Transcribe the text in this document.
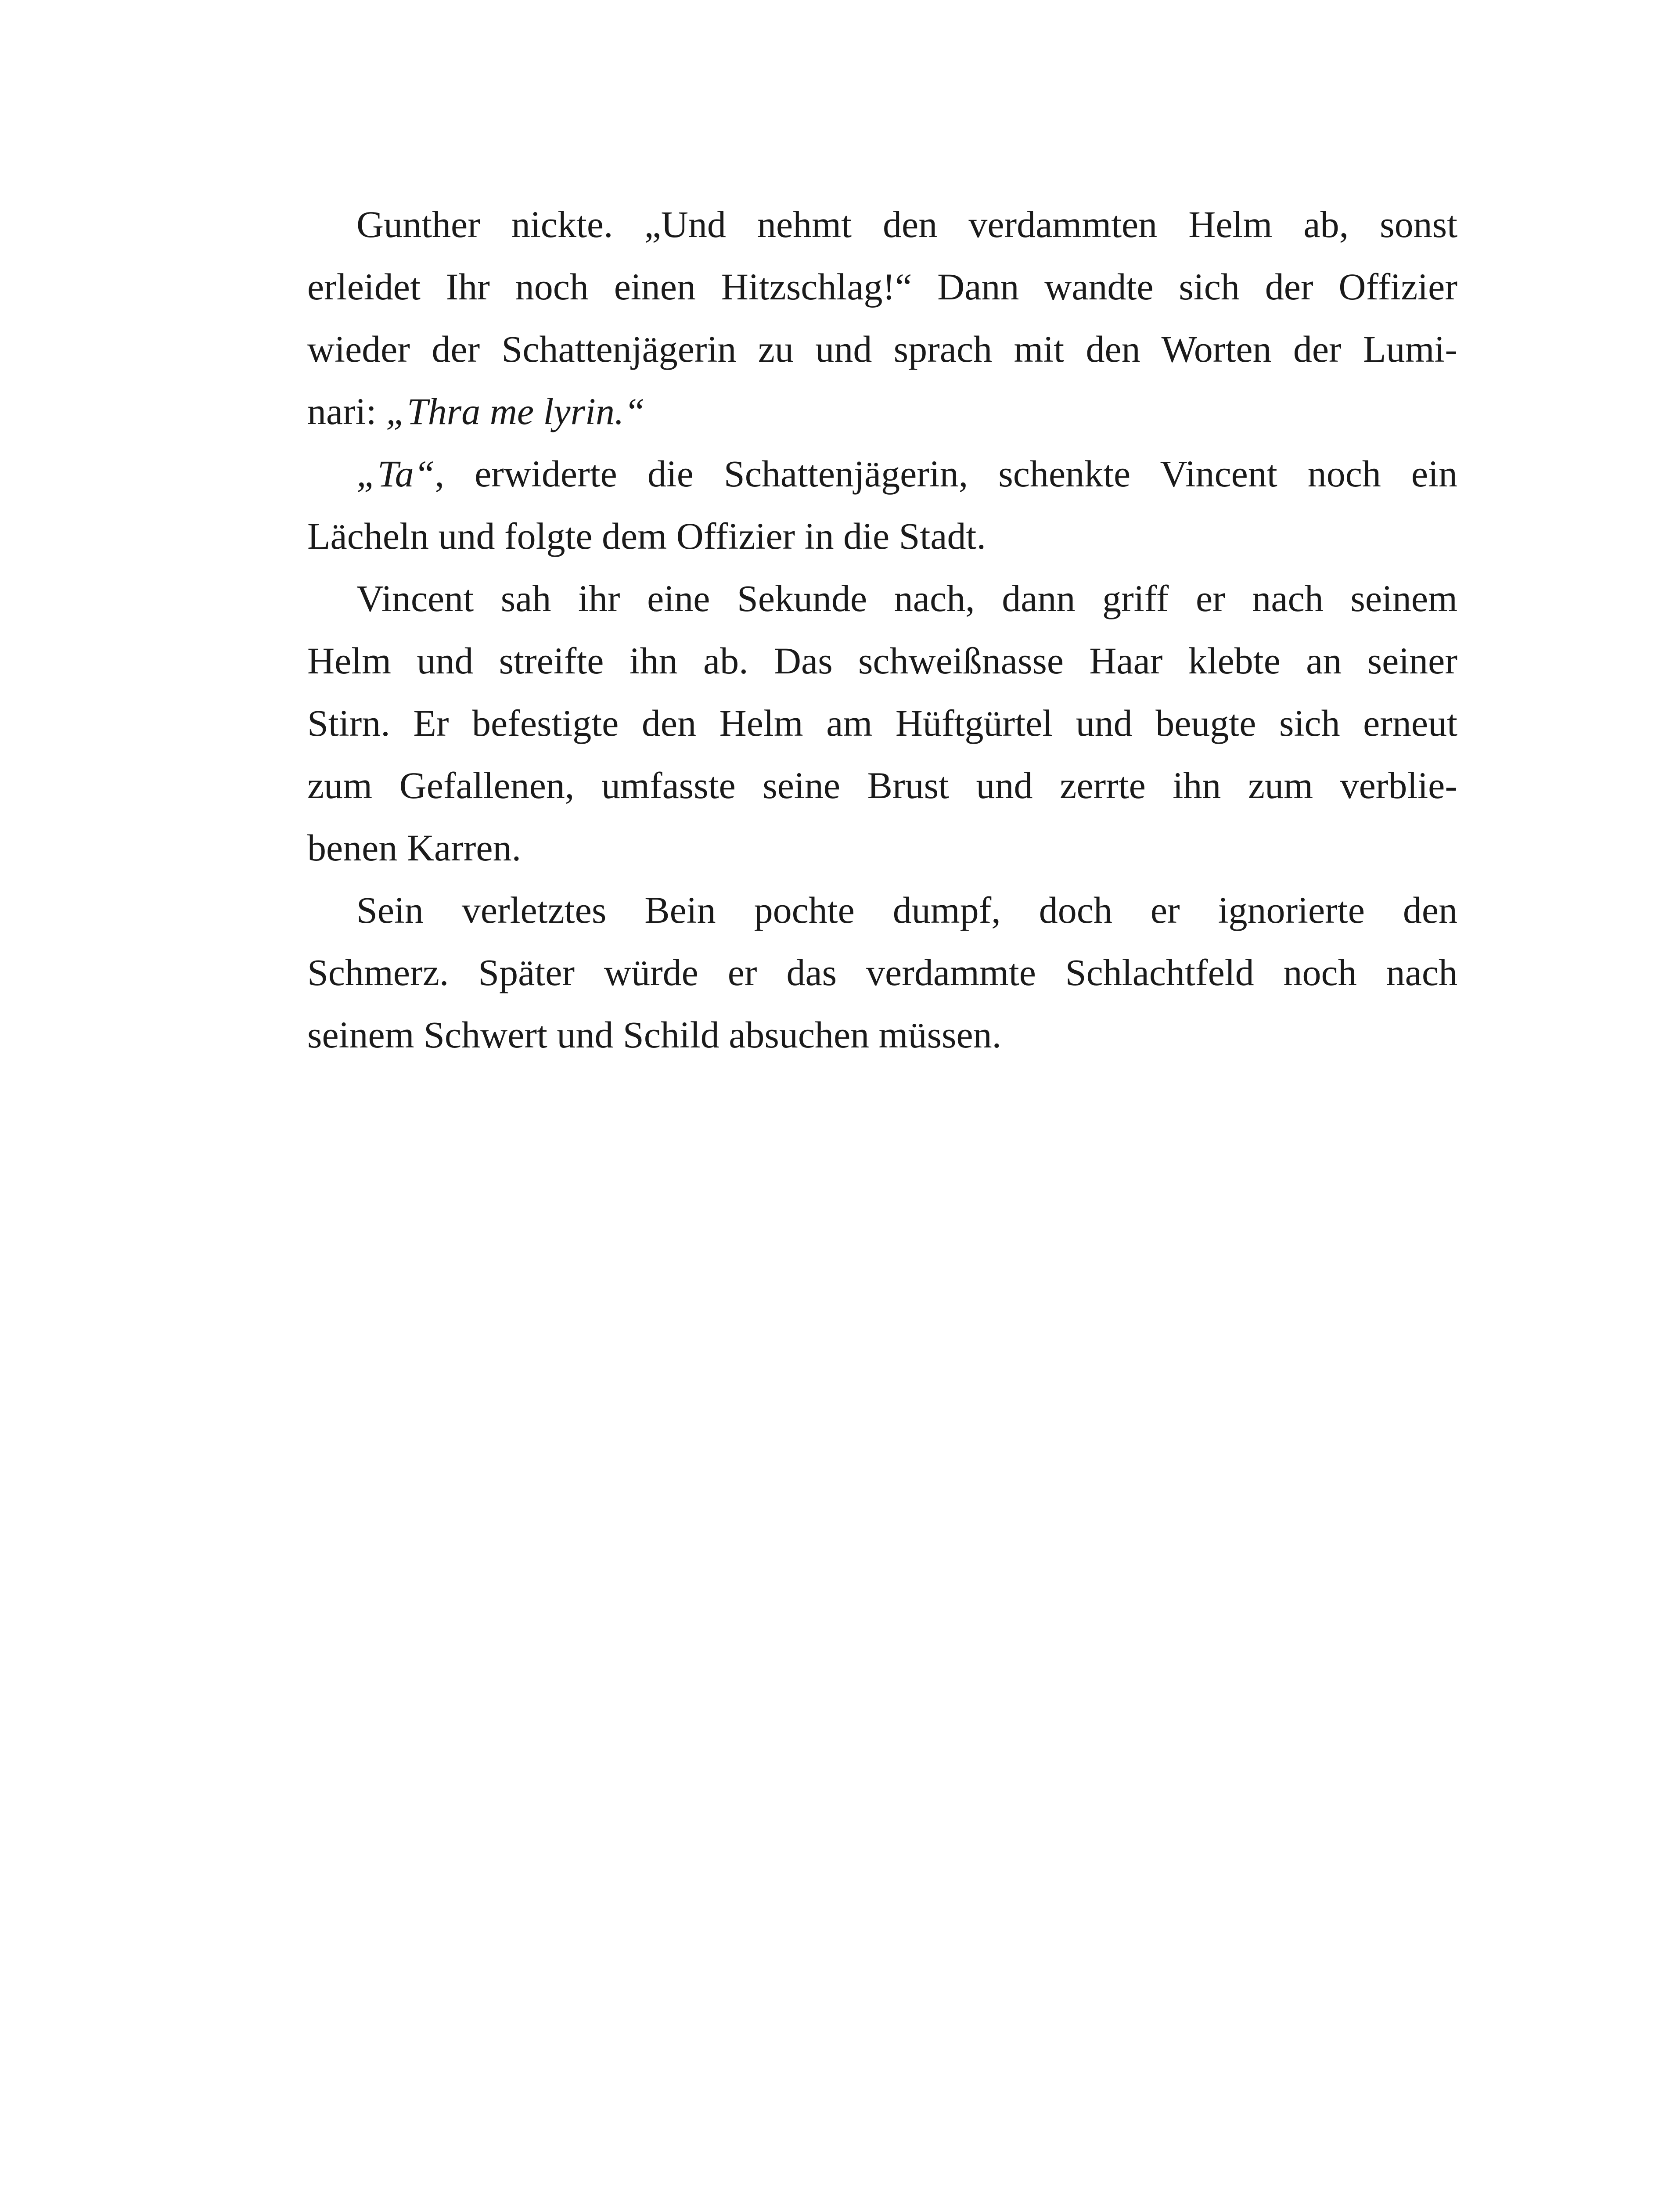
Gunther nickte. „Und nehmt den verdammten Helm ab, sonst
erleidet Ihr noch einen Hitzschlag!“ Dann wandte sich der Offizier
wieder der Schattenjägerin zu und sprach mit den Worten der Lumi-
nari: „Thra me lyrin.“
„Ta“, erwiderte die Schattenjägerin, schenkte Vincent noch ein
Lächeln und folgte dem Offizier in die Stadt.
Vincent sah ihr eine Sekunde nach, dann griff er nach seinem
Helm und streifte ihn ab. Das schweißnasse Haar klebte an seiner
Stirn. Er befestigte den Helm am Hüftgürtel und beugte sich erneut
zum Gefallenen, umfasste seine Brust und zerrte ihn zum verblie-
benen Karren.
Sein verletztes Bein pochte dumpf, doch er ignorierte den
Schmerz. Später würde er das verdammte Schlachtfeld noch nach
seinem Schwert und Schild absuchen müssen.
